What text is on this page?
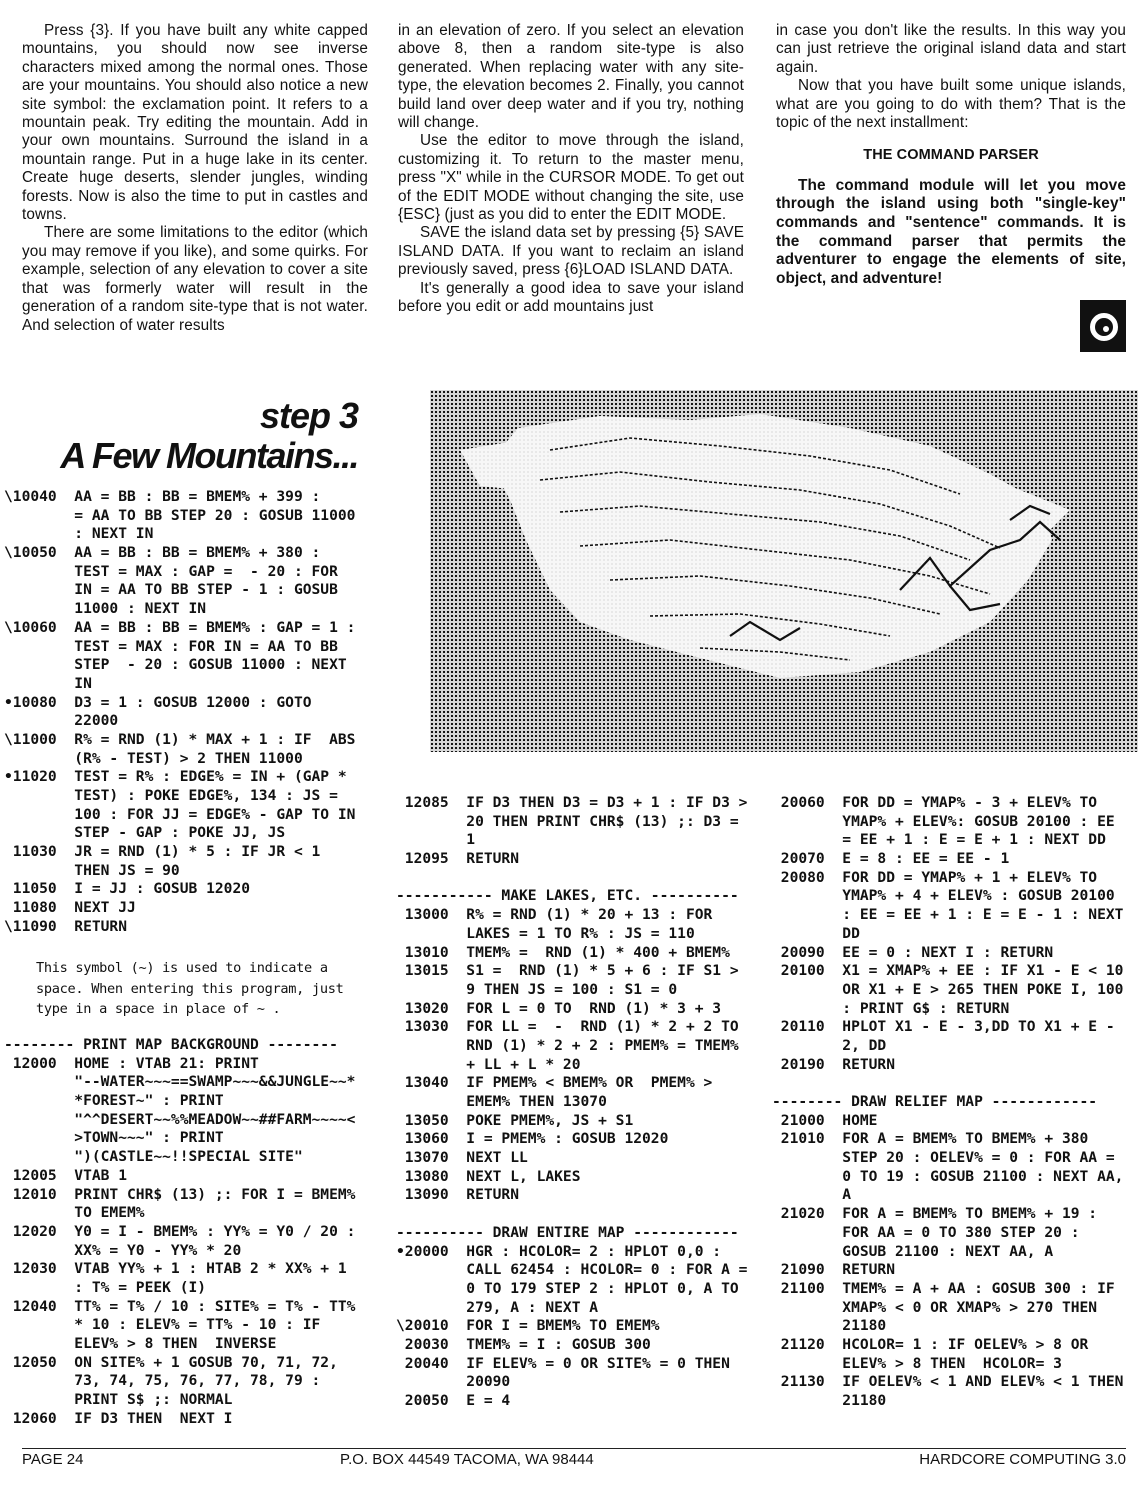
Press {3}. If you have built any white capped mountains, you should now see inverse characters mixed among the normal ones. Those are your mountains. You should also notice a new site symbol: the exclamation point. It refers to a mountain peak. Try editing the mountain. Add in your own mountains. Surround the island in a mountain range. Put in a huge lake in its center. Create huge deserts, slender jungles, winding forests. Now is also the time to put in castles and towns.

There are some limitations to the editor (which you may remove if you like), and some quirks. For example, selection of any elevation to cover a site that was formerly water will result in the generation of a random site-type that is not water. And selection of water results

in an elevation of zero. If you select an elevation above 8, then a random site-type is also generated. When replacing water with any site-type, the elevation becomes 2. Finally, you cannot build land over deep water and if you try, nothing will change.

Use the editor to move through the island, customizing it. To return to the master menu, press "X" while in the CURSOR MODE. To get out of the EDIT MODE without changing the site, use {ESC} (just as you did to enter the EDIT MODE.

SAVE the island data set by pressing {5} SAVE ISLAND DATA. If you want to reclaim an island previously saved, press {6}LOAD ISLAND DATA.

It's generally a good idea to save your island before you edit or add mountains just

in case you don't like the results. In this way you can just retrieve the original island data and start again.

Now that you have built some unique islands, what are you going to do with them? That is the topic of the next installment:

THE COMMAND PARSER

The command module will let you move through the island using both "single-key" commands and "sentence" commands. It is the command parser that permits the adventurer to engage the elements of site, object, and adventure!

step 3
A Few Mountains...
\10040  AA = BB : BB = BMEM% + 399 :
= AA TO BB STEP 20 : GOSUB 11000
: NEXT IN
\10050  AA = BB : BB = BMEM% + 380 :
TEST = MAX : GAP =  - 20 : FOR
IN = AA TO BB STEP - 1 : GOSUB
11000 : NEXT IN
\10060  AA = BB : BB = BMEM% : GAP = 1 :
TEST = MAX : FOR IN = AA TO BB
STEP  - 20 : GOSUB 11000 : NEXT
IN
•10080  D3 = 1 : GOSUB 12000 : GOTO
22000
\11000  R% = RND (1) * MAX + 1 : IF  ABS
(R% - TEST) > 2 THEN 11000
•11020  TEST = R% : EDGE% = IN + (GAP *
TEST) : POKE EDGE%, 134 : JS =
100 : FOR JJ = EDGE% - GAP TO IN
STEP - GAP : POKE JJ, JS
11030  JR = RND (1) * 5 : IF JR < 1
THEN JS = 90
11050  I = JJ : GOSUB 12020
11080  NEXT JJ
\11090  RETURN
This symbol (~) is used to indicate a
space. When entering this program, just
type in a space in place of ~ .
-------- PRINT MAP BACKGROUND --------
12000  HOME : VTAB 21: PRINT
"--WATER~~~==SWAMP~~~&&JUNGLE~~*
*FOREST~" : PRINT
"^^DESERT~~%%MEADOW~~##FARM~~~~<
>TOWN~~~" : PRINT
")(CASTLE~~!!SPECIAL SITE"
12005  VTAB 1
12010  PRINT CHR$ (13) ;: FOR I = BMEM%
TO EMEM%
12020  Y0 = I - BMEM% : YY% = Y0 / 20 :
XX% = Y0 - YY% * 20
12030  VTAB YY% + 1 : HTAB 2 * XX% + 1
: T% = PEEK (I)
12040  TT% = T% / 10 : SITE% = T% - TT%
* 10 : ELEV% = TT% - 10 : IF
ELEV% > 8 THEN  INVERSE
12050  ON SITE% + 1 GOSUB 70, 71, 72,
73, 74, 75, 76, 77, 78, 79 :
PRINT S$ ;: NORMAL
12060  IF D3 THEN  NEXT I
12085  IF D3 THEN D3 = D3 + 1 : IF D3 >
20 THEN PRINT CHR$ (13) ;: D3 =
1
12095  RETURN
----------- MAKE LAKES, ETC. ----------
13000  R% = RND (1) * 20 + 13 : FOR
LAKES = 1 TO R% : JS = 110
13010  TMEM% =  RND (1) * 400 + BMEM%
13015  S1 =  RND (1) * 5 + 6 : IF S1 >
9 THEN JS = 100 : S1 = 0
13020  FOR L = 0 TO  RND (1) * 3 + 3
13030  FOR LL =  -  RND (1) * 2 + 2 TO
RND (1) * 2 + 2 : PMEM% = TMEM%
+ LL + L * 20
13040  IF PMEM% < BMEM% OR  PMEM% >
EMEM% THEN 13070
13050  POKE PMEM%, JS + S1
13060  I = PMEM% : GOSUB 12020
13070  NEXT LL
13080  NEXT L, LAKES
13090  RETURN
---------- DRAW ENTIRE MAP ------------
•20000  HGR : HCOLOR= 2 : HPLOT 0,0 :
CALL 62454 : HCOLOR= 0 : FOR A =
0 TO 179 STEP 2 : HPLOT 0, A TO
279, A : NEXT A
\20010  FOR I = BMEM% TO EMEM%
20030  TMEM% = I : GOSUB 300
20040  IF ELEV% = 0 OR SITE% = 0 THEN
20090
20050  E = 4
20060  FOR DD = YMAP% - 3 + ELEV% TO
YMAP% + ELEV%: GOSUB 20100 : EE
= EE + 1 : E = E + 1 : NEXT DD
20070  E = 8 : EE = EE - 1
20080  FOR DD = YMAP% + 1 + ELEV% TO
YMAP% + 4 + ELEV% : GOSUB 20100
: EE = EE + 1 : E = E - 1 : NEXT
DD
20090  EE = 0 : NEXT I : RETURN
20100  X1 = XMAP% + EE : IF X1 - E < 10
OR X1 + E > 265 THEN POKE I, 100
: PRINT G$ : RETURN
20110  HPLOT X1 - E - 3,DD TO X1 + E -
2, DD
20190  RETURN
-------- DRAW RELIEF MAP ------------
21000  HOME
21010  FOR A = BMEM% TO BMEM% + 380
STEP 20 : OELEV% = 0 : FOR AA =
0 TO 19 : GOSUB 21100 : NEXT AA,
A
21020  FOR A = BMEM% TO BMEM% + 19 :
FOR AA = 0 TO 380 STEP 20 :
GOSUB 21100 : NEXT AA, A
21090  RETURN
21100  TMEM% = A + AA : GOSUB 300 : IF
XMAP% < 0 OR XMAP% > 270 THEN
21180
21120  HCOLOR= 1 : IF OELEV% > 8 OR
ELEV% > 8 THEN  HCOLOR= 3
21130  IF OELEV% < 1 AND ELEV% < 1 THEN
21180
PAGE 24	P.O. BOX 44549 TACOMA, WA 98444	HARDCORE COMPUTING 3.0
